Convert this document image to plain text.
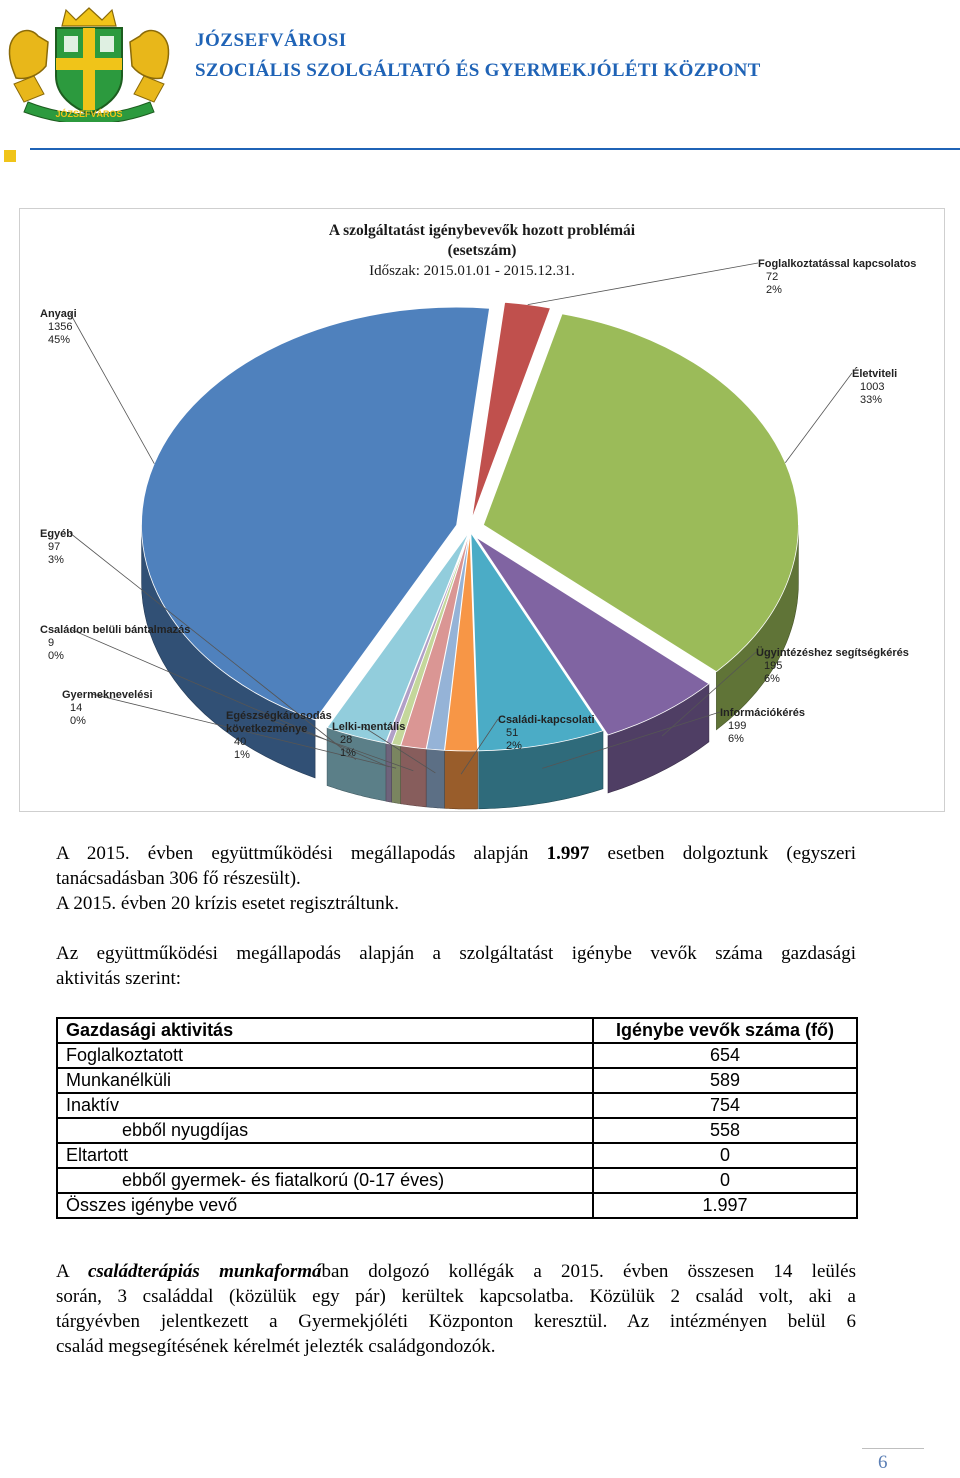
JÓZSEFVÁROS
JÓZSEFVÁROSI
SZOCIÁLIS SZOLGÁLTATÓ ÉS GYERMEKJÓLÉTI KÖZPONT
A szolgáltatást igénybevevők hozott problémái
(esetszám)
Időszak: 2015.01.01 - 2015.12.31.	Foglalkoztatással kapcsolatos 72 2%
Életviteli 1003 33%
Ügyintézéshez segítségkérés 195 6%
Információkérés 199 6%
Családi-kapcsolati 51 2%
Lelki-mentális 28 1%
Egészségkárosodás következménye 40 1%
Gyermeknevelési 14 0%
Családon belüli bántalmazás 9 0%
Egyéb 97 3%
Anyagi 1356 45%
A 2015. évben együttműködési megállapodás alapján 1.997 esetben dolgoztunk (egyszeri
tanácsadásban 306 fő részesült).
A 2015. évben 20 krízis esetet regisztráltunk.
Az együttműködési megállapodás alapján a szolgáltatást igénybe vevők száma gazdasági
aktivitás szerint:
Gazdasági aktivitás	Igénybe vevők száma (fő)
Foglalkoztatott	654
Munkanélküli	589
Inaktív	754
ebből nyugdíjas	558
Eltartott	0
ebből gyermek- és fiatalkorú (0-17 éves)	0
Összes igénybe vevő	1.997
A családterápiás munkaformában dolgozó kollégák a 2015. évben összesen 14 leülés
során, 3 családdal (közülük egy pár) kerültek kapcsolatba. Közülük 2 család volt, aki a
tárgyévben jelentkezett a Gyermekjóléti Központon keresztül. Az intézményen belül 6
család megsegítésének kérelmét jelezték családgondozók.
6
